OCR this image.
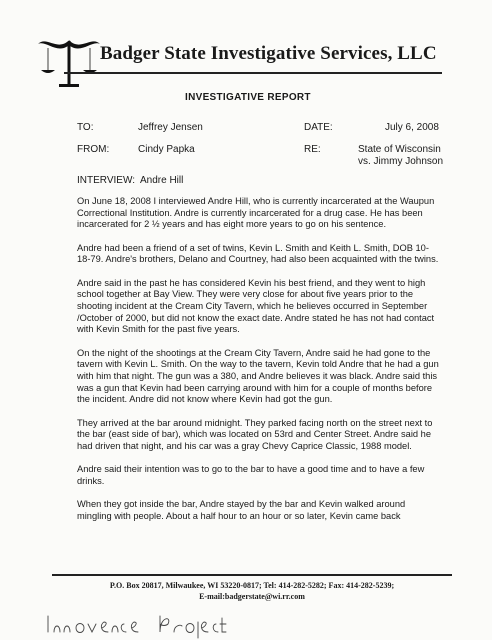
Badger State Investigative Services, LLC
INVESTIGATIVE REPORT
TO:	Jeffrey Jensen	DATE:	July 6, 2008
FROM:	Cindy Papka	RE:	State of Wisconsin vs. Jimmy Johnson
INTERVIEW: Andre Hill

On June 18, 2008 I interviewed Andre Hill, who is currently incarcerated at the Waupun Correctional Institution. Andre is currently incarcerated for a drug case. He has been incarcerated for 2 ½ years and has eight more years to go on his sentence.

Andre had been a friend of a set of twins, Kevin L. Smith and Keith L. Smith, DOB 10-18-79. Andre's brothers, Delano and Courtney, had also been acquainted with the twins.

Andre said in the past he has considered Kevin his best friend, and they went to high school together at Bay View. They were very close for about five years prior to the shooting incident at the Cream City Tavern, which he believes occurred in September /October of 2000, but did not know the exact date. Andre stated he has not had contact with Kevin Smith for the past five years.

On the night of the shootings at the Cream City Tavern, Andre said he had gone to the tavern with Kevin L. Smith. On the way to the tavern, Kevin told Andre that he had a gun with him that night. The gun was a 380, and Andre believes it was black. Andre said this was a gun that Kevin had been carrying around with him for a couple of months before the incident. Andre did not know where Kevin had got the gun.

They arrived at the bar around midnight. They parked facing north on the street next to the bar (east side of bar), which was located on 53rd and Center Street. Andre said he had driven that night, and his car was a gray Chevy Caprice Classic, 1988 model.

Andre said their intention was to go to the bar to have a good time and to have a few drinks.

When they got inside the bar, Andre stayed by the bar and Kevin walked around mingling with people. About a half hour to an hour or so later, Kevin came back

P.O. Box 20817, Milwaukee, WI 53220-0817; Tel: 414-282-5282; Fax: 414-282-5239;
E-mail:badgerstate@wi.rr.com
